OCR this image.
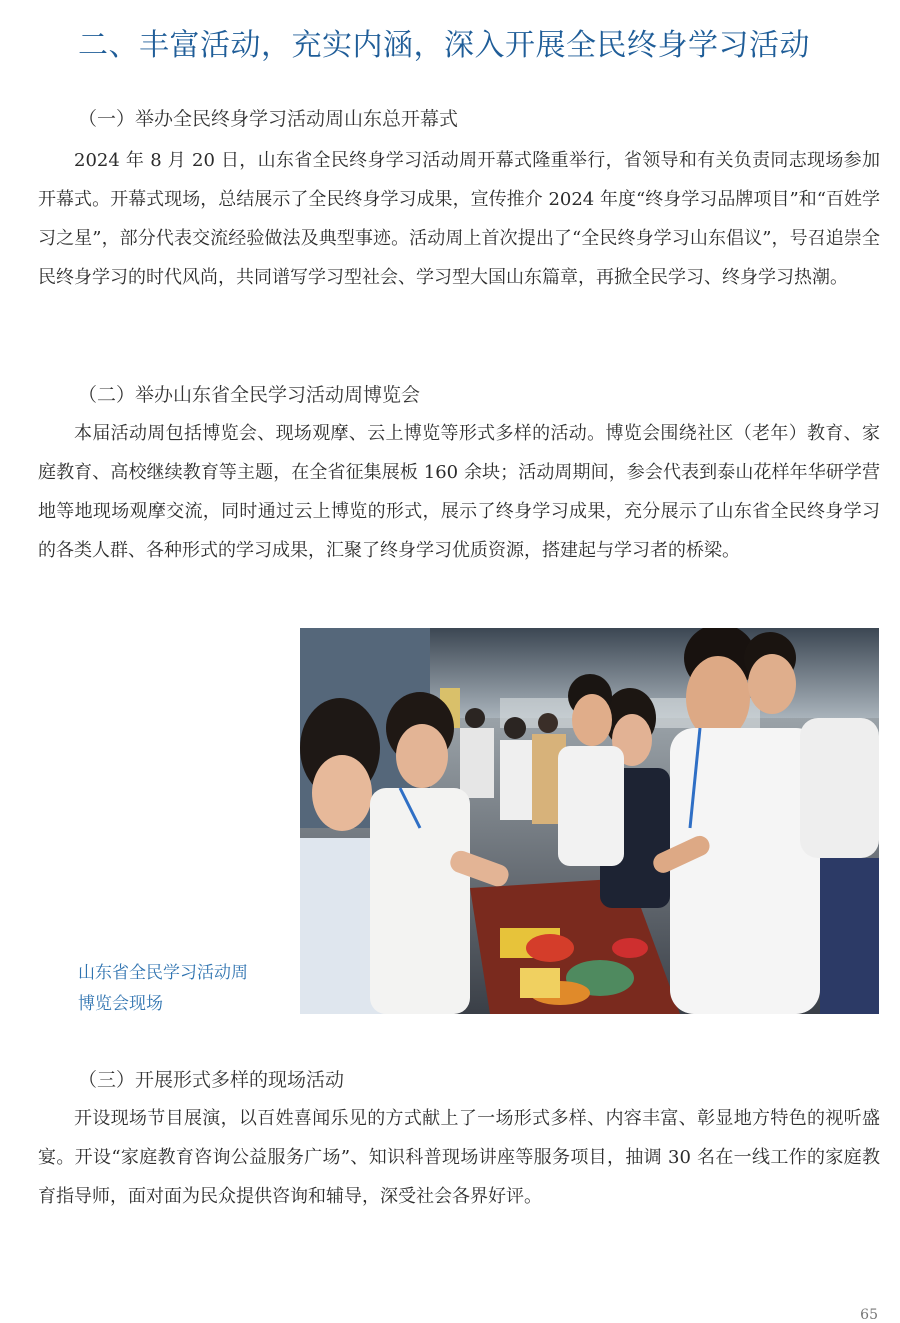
二、丰富活动，充实内涵，深入开展全民终身学习活动
（一）举办全民终身学习活动周山东总开幕式

2024 年 8 月 20 日，山东省全民终身学习活动周开幕式隆重举行，省领导和有关负责同志现场参加开幕式。开幕式现场，总结展示了全民终身学习成果，宣传推介 2024 年度“终身学习品牌项目”和“百姓学习之星”，部分代表交流经验做法及典型事迹。活动周上首次提出了“全民终身学习山东倡议”，号召追崇全民终身学习的时代风尚，共同谱写学习型社会、学习型大国山东篇章，再掀全民学习、终身学习热潮。

（二）举办山东省全民学习活动周博览会

本届活动周包括博览会、现场观摩、云上博览等形式多样的活动。博览会围绕社区（老年）教育、家庭教育、高校继续教育等主题，在全省征集展板 160 余块；活动周期间，参会代表到泰山花样年华研学营地等地现场观摩交流，同时通过云上博览的形式，展示了终身学习成果，充分展示了山东省全民终身学习的各类人群、各种形式的学习成果，汇聚了终身学习优质资源，搭建起与学习者的桥梁。

山东省全民学习活动周
博览会现场
（三）开展形式多样的现场活动

开设现场节目展演，以百姓喜闻乐见的方式献上了一场形式多样、内容丰富、彰显地方特色的视听盛宴。开设“家庭教育咨询公益服务广场”、知识科普现场讲座等服务项目，抽调 30 名在一线工作的家庭教育指导师，面对面为民众提供咨询和辅导，深受社会各界好评。

65
